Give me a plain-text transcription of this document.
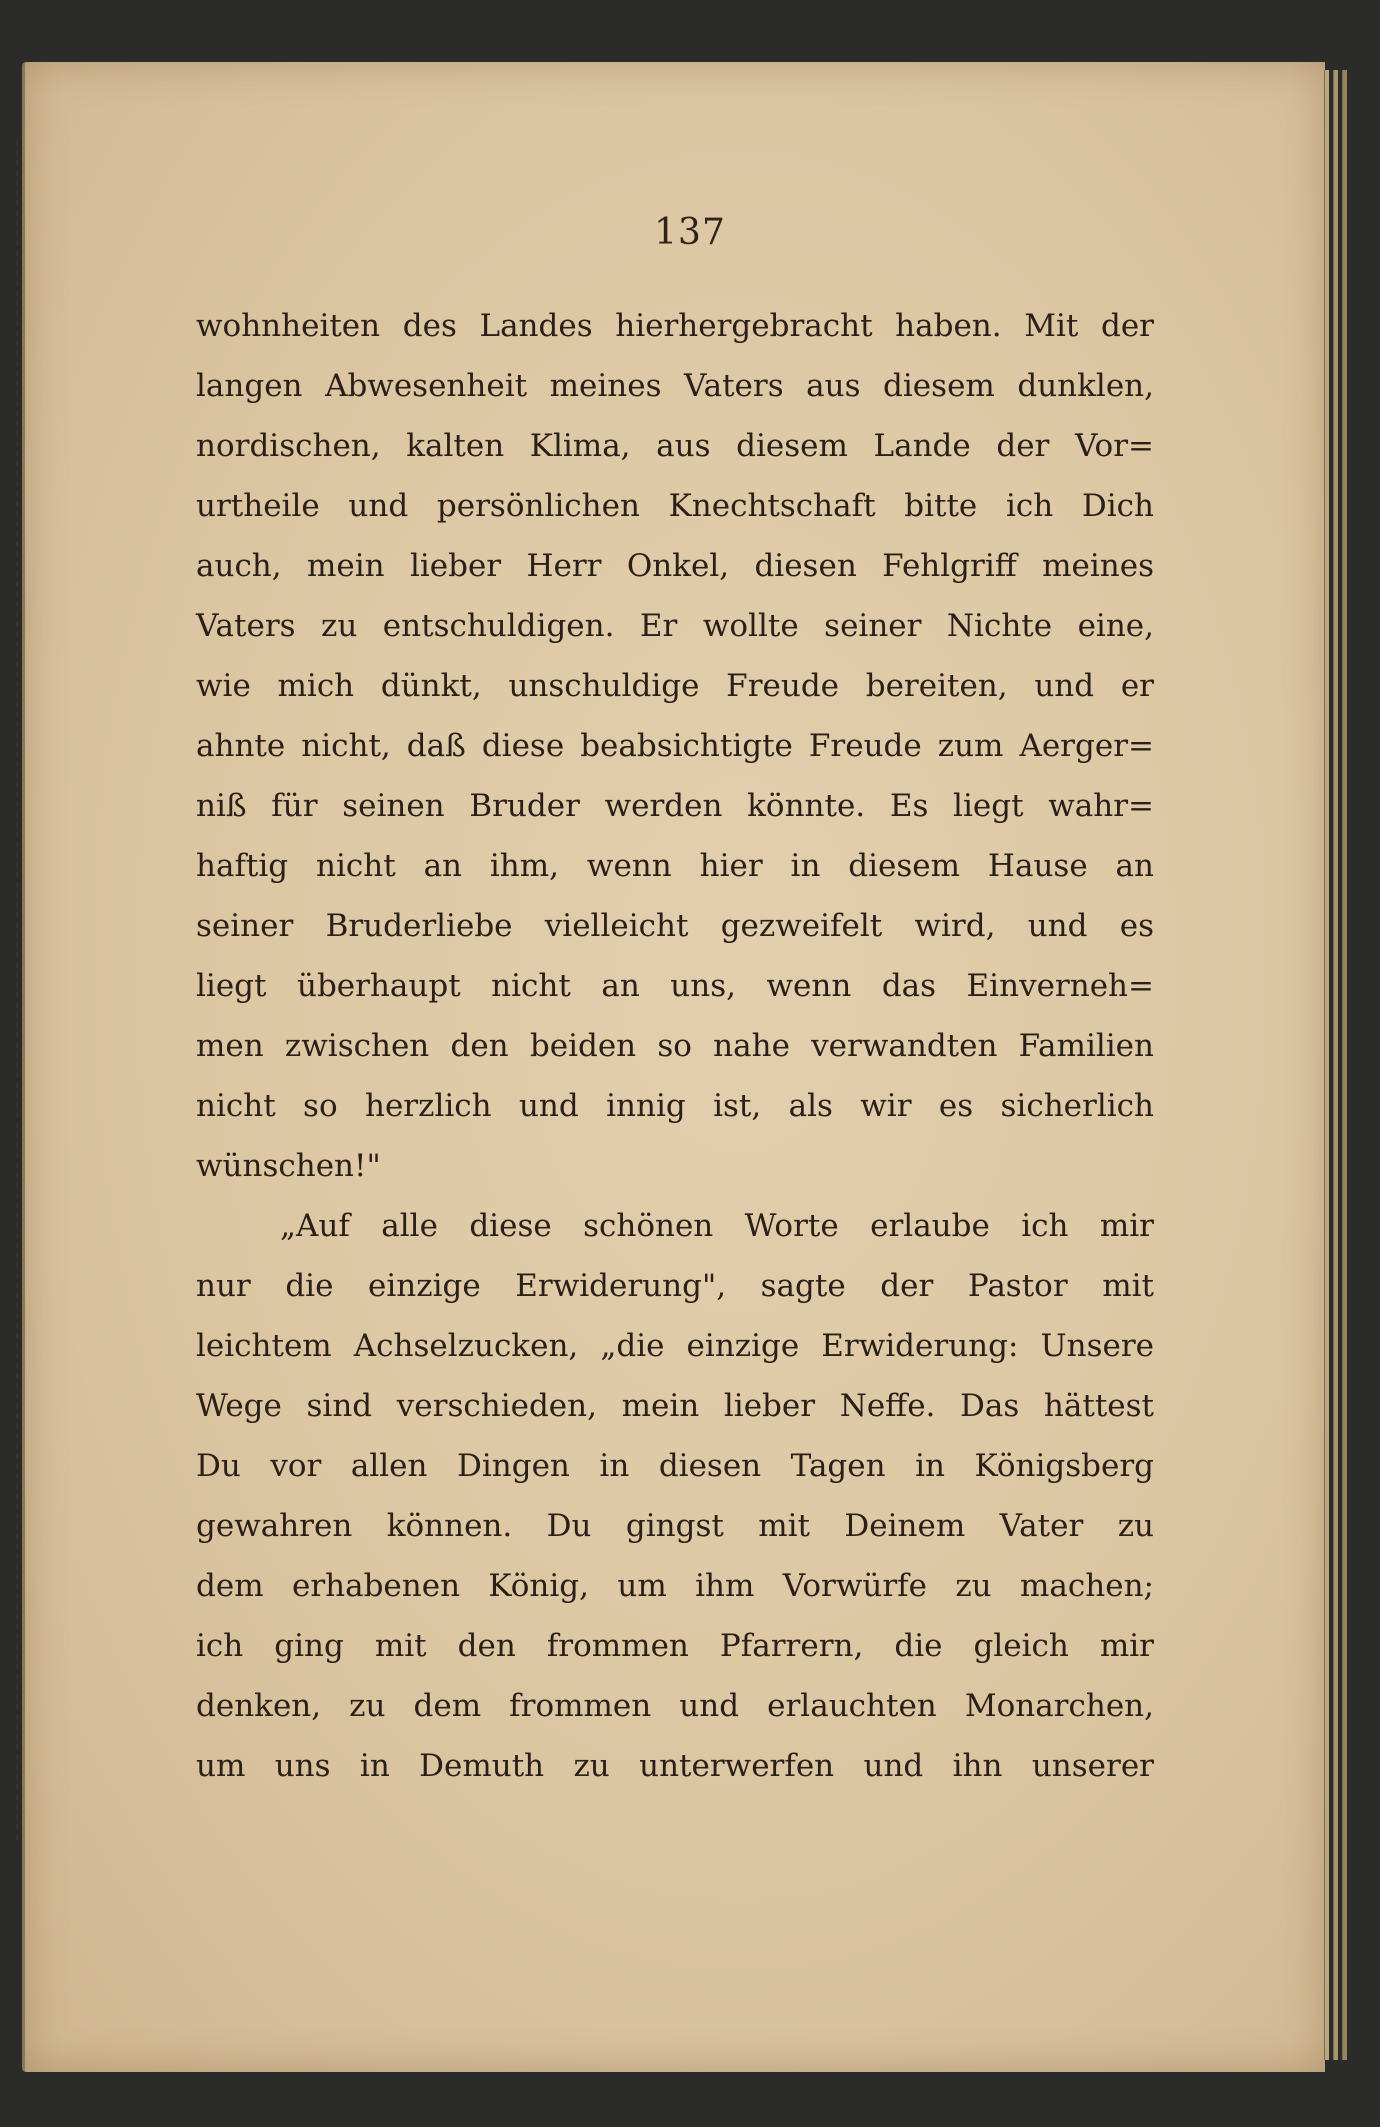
137
wohnheiten des Landes hierhergebracht haben. Mit der
langen Abwesenheit meines Vaters aus diesem dunklen,
nordischen, kalten Klima, aus diesem Lande der Vor=
urtheile und persönlichen Knechtschaft bitte ich Dich
auch, mein lieber Herr Onkel, diesen Fehlgriff meines
Vaters zu entschuldigen. Er wollte seiner Nichte eine,
wie mich dünkt, unschuldige Freude bereiten, und er
ahnte nicht, daß diese beabsichtigte Freude zum Aerger=
niß für seinen Bruder werden könnte. Es liegt wahr=
haftig nicht an ihm, wenn hier in diesem Hause an
seiner Bruderliebe vielleicht gezweifelt wird, und es
liegt überhaupt nicht an uns, wenn das Einverneh=
men zwischen den beiden so nahe verwandten Familien
nicht so herzlich und innig ist, als wir es sicherlich
wünschen!"
„Auf alle diese schönen Worte erlaube ich mir
nur die einzige Erwiderung", sagte der Pastor mit
leichtem Achselzucken, „die einzige Erwiderung: Unsere
Wege sind verschieden, mein lieber Neffe. Das hättest
Du vor allen Dingen in diesen Tagen in Königsberg
gewahren können. Du gingst mit Deinem Vater zu
dem erhabenen König, um ihm Vorwürfe zu machen;
ich ging mit den frommen Pfarrern, die gleich mir
denken, zu dem frommen und erlauchten Monarchen,
um uns in Demuth zu unterwerfen und ihn unserer
